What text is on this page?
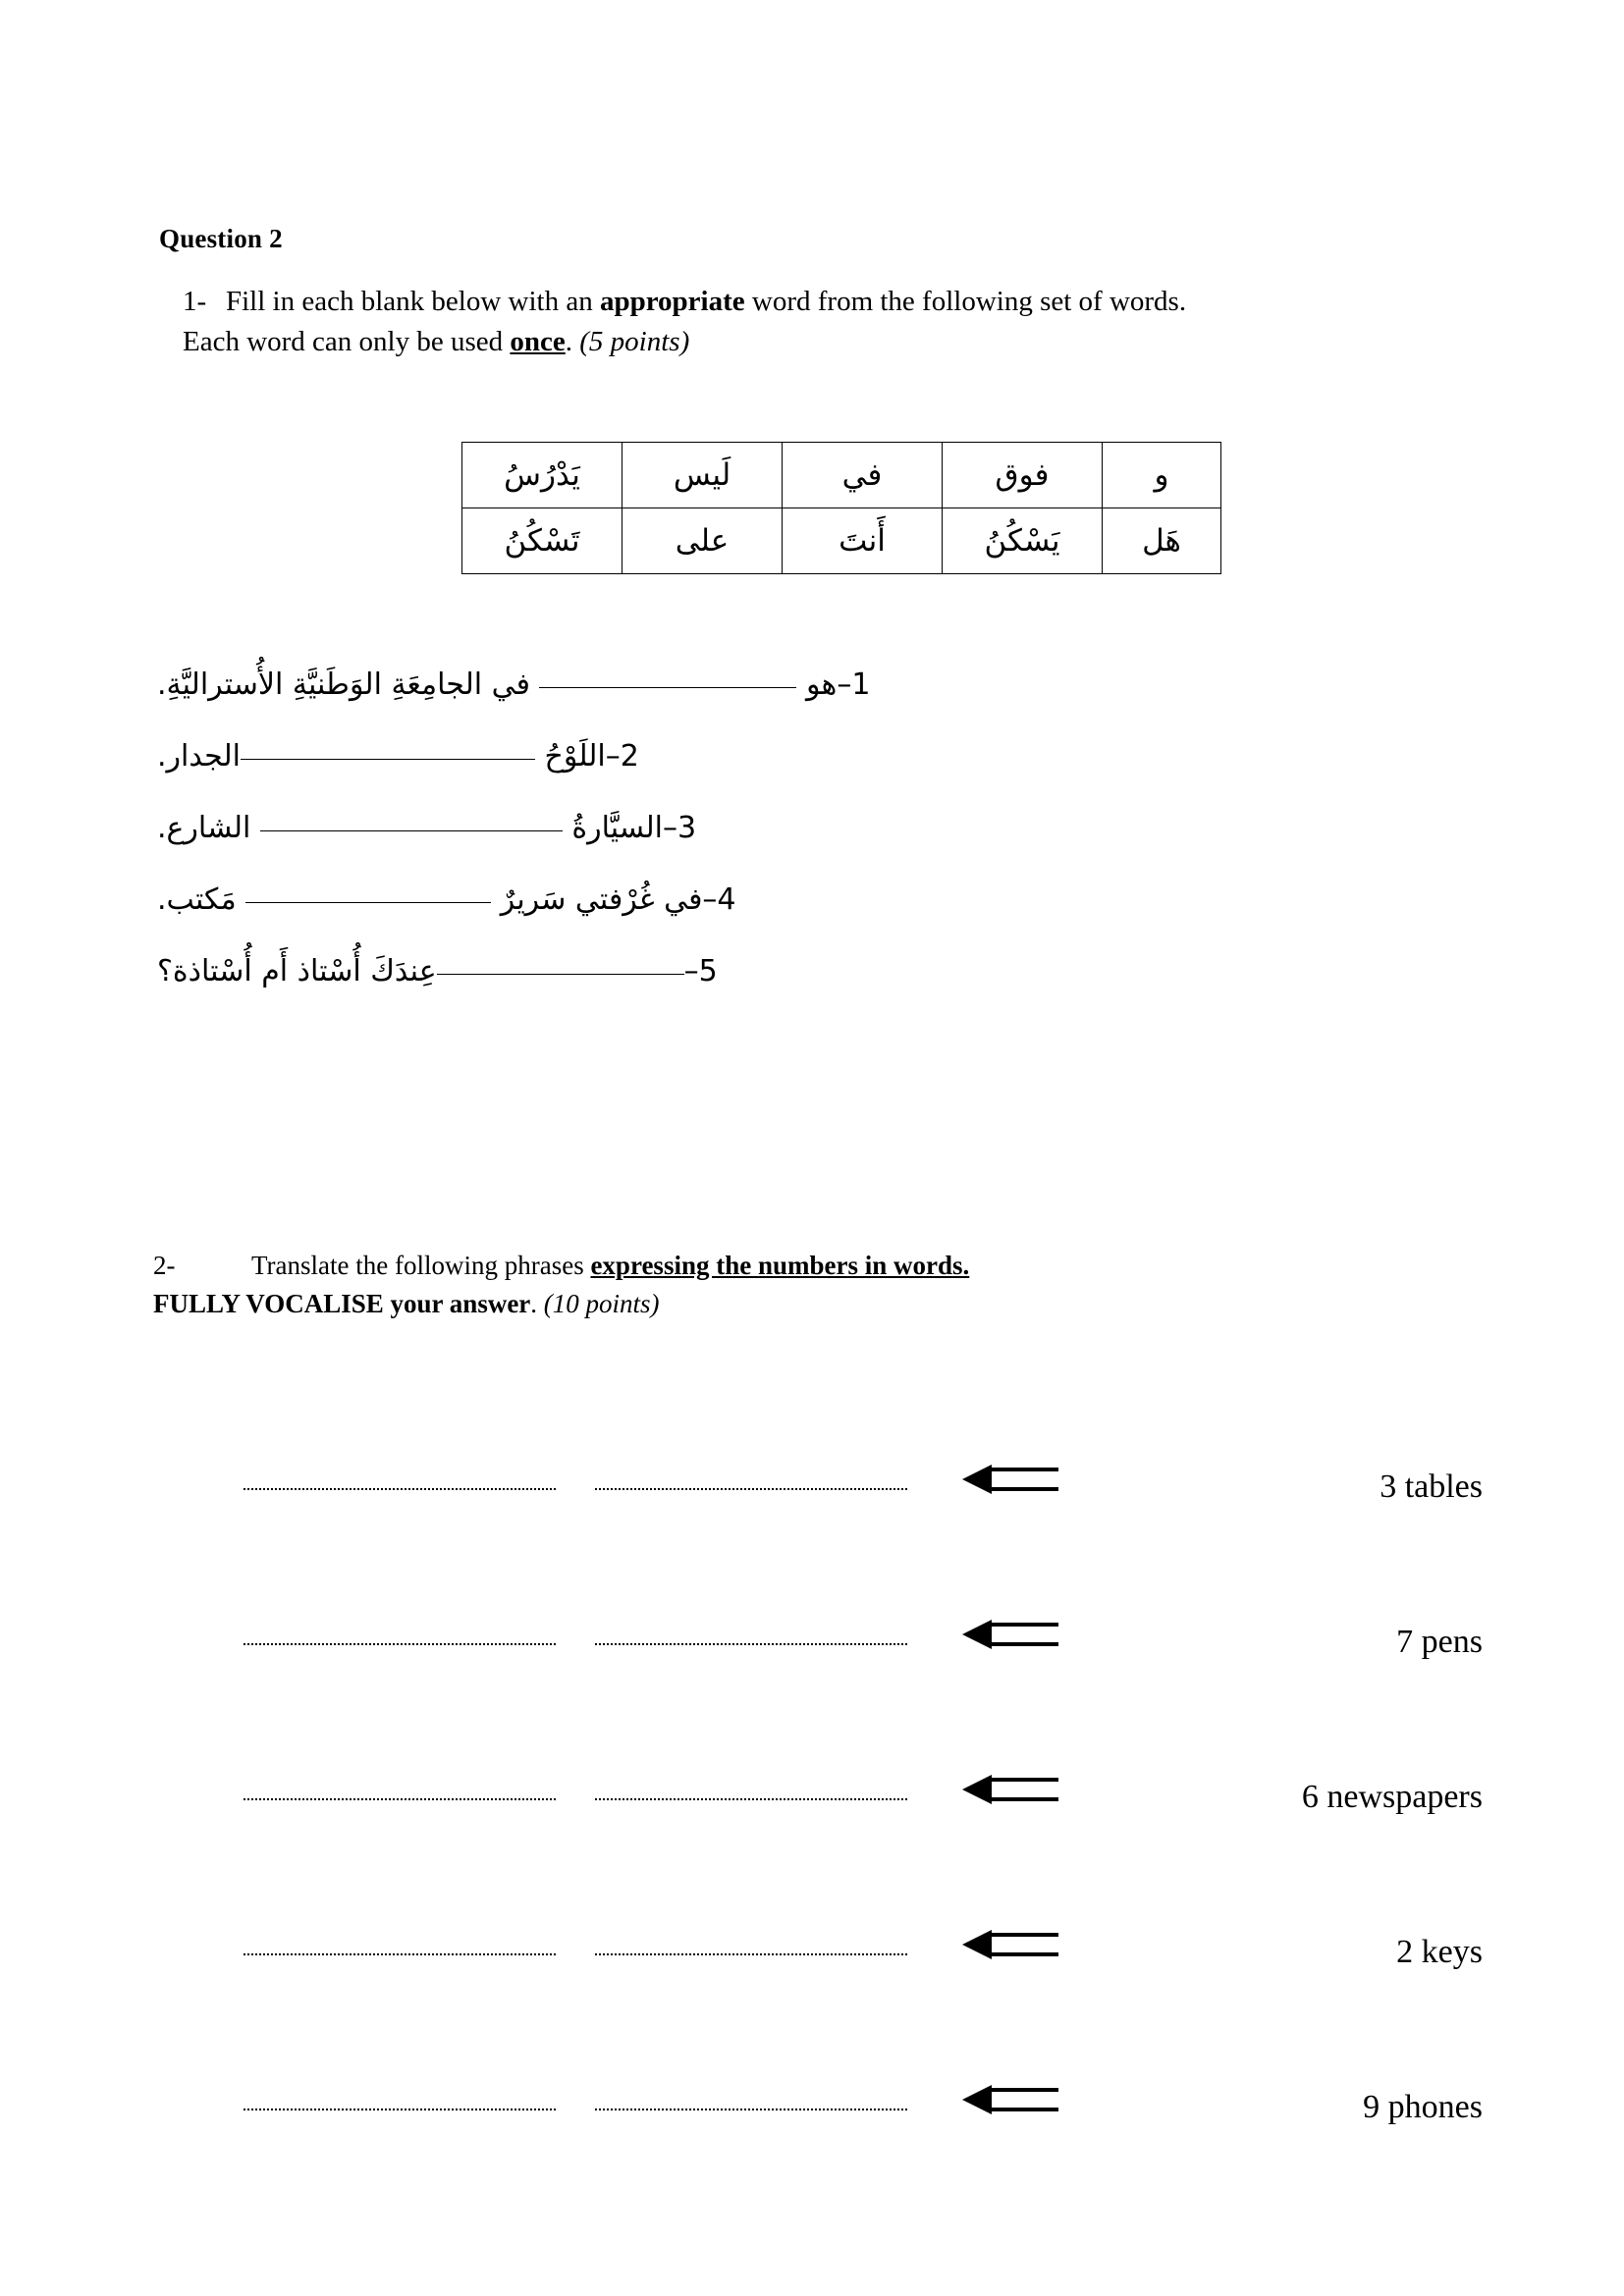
Question 2
1- Fill in each blank below with an appropriate word from the following set of words.
Each word can only be used once. (5 points)
و	فوق	في	لَيس	يَدْرُسُ
هَل	يَسْكُنُ	أَنتَ	على	تَسْكُنُ
1–هو  في الجامِعَةِ الوَطَنيَّةِ الأُستراليَّةِ.
2–اللَوْحُ الجدار.
3–السيَّارةُ  الشارع.
4–في غُرْفتي سَريرٌ  مَكتب.
5–عِندَكَ أُسْتاذ أَم أُسْتاذة؟
2-	Translate the following phrases expressing the numbers in words.
FULLY VOCALISE your answer. (10 points)
3 tables
7 pens
6 newspapers
2 keys
9 phones
